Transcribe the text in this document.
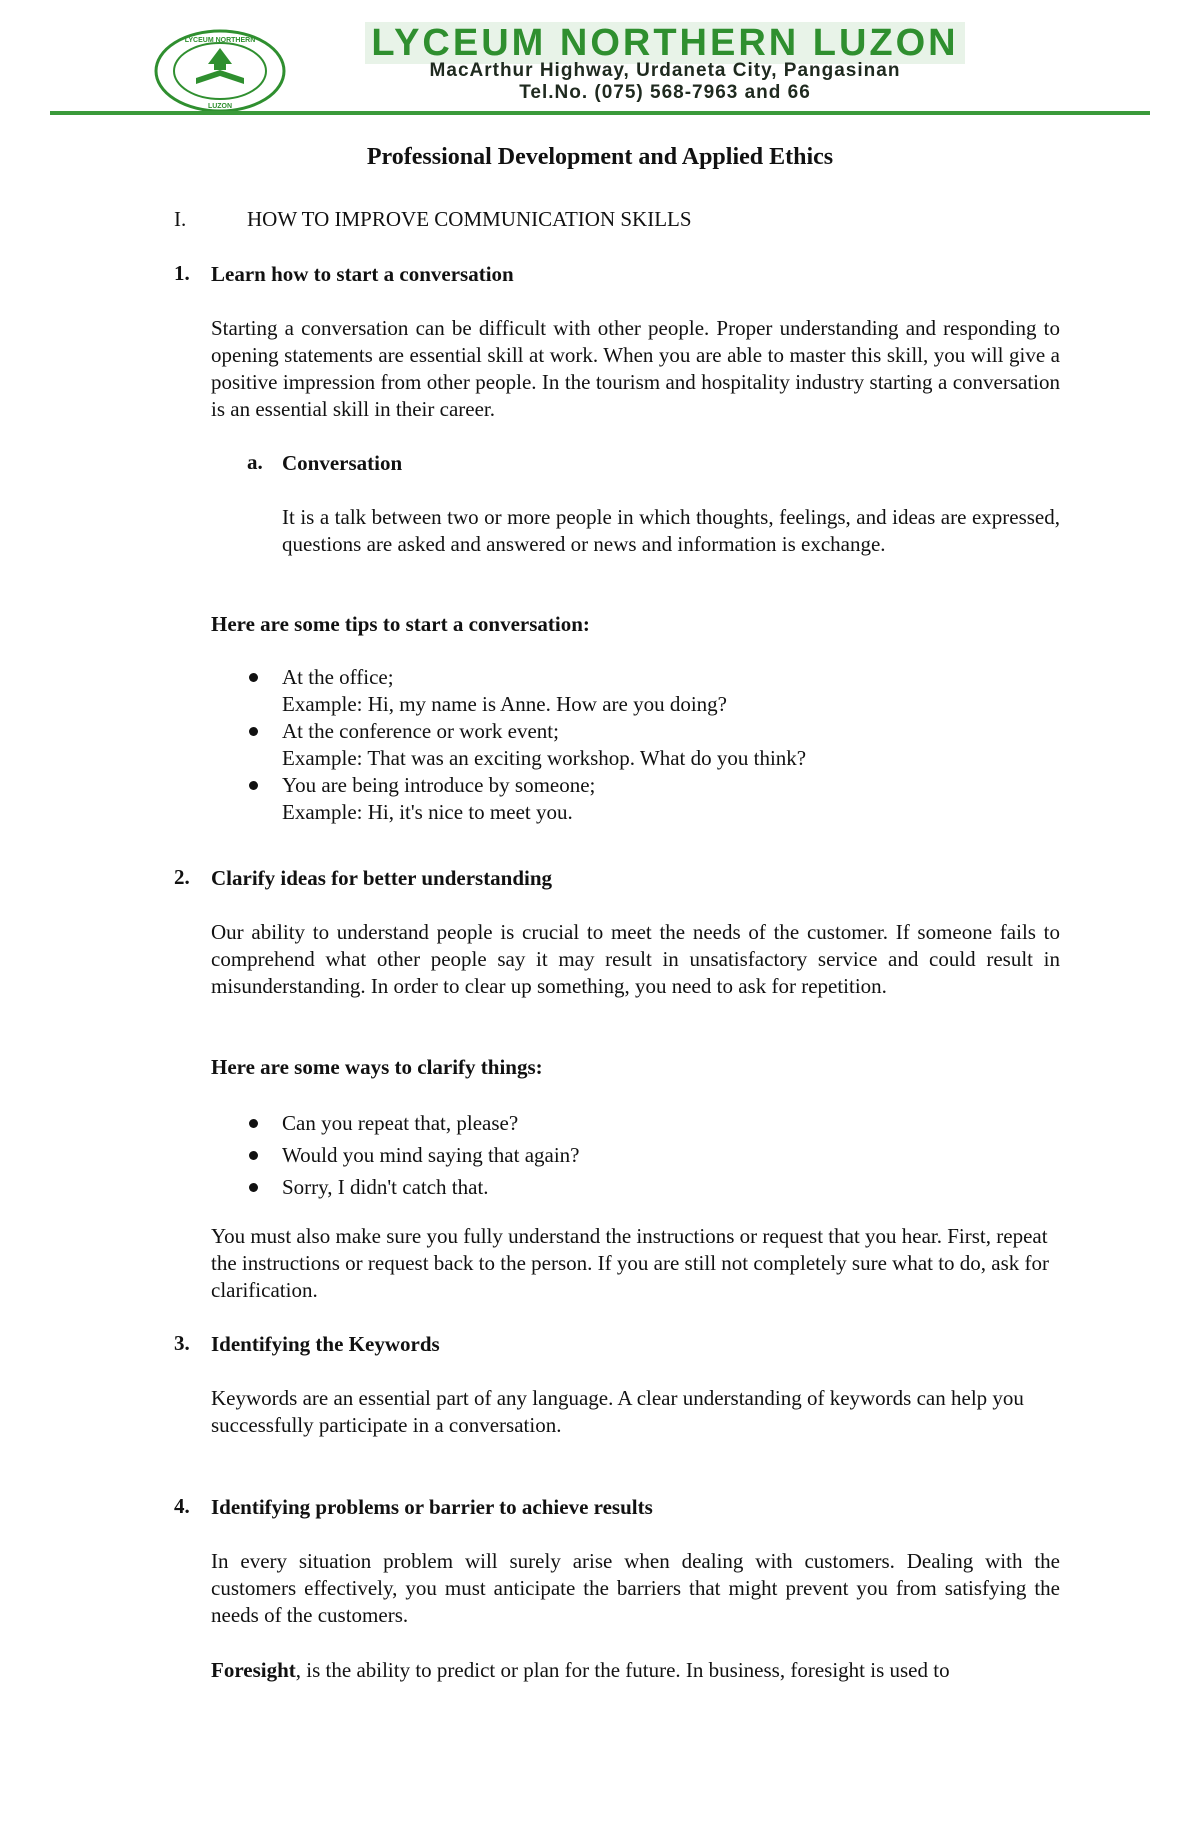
LYCEUM NORTHERN
LUZON
LYCEUM NORTHERN LUZON
MacArthur Highway, Urdaneta City, Pangasinan
Tel.No. (075) 568-7963 and 66
Professional Development and Applied Ethics
I.	HOW TO IMPROVE COMMUNICATION SKILLS
1. Learn how to start a conversation
Starting a conversation can be difficult with other people. Proper understanding and responding to opening statements are essential skill at work. When you are able to master this skill, you will give a positive impression from other people. In the tourism and hospitality industry starting a conversation is an essential skill in their career.
a. Conversation
It is a talk between two or more people in which thoughts, feelings, and ideas are expressed, questions are asked and answered or news and information is exchange.
Here are some tips to start a conversation:
At the office;
Example: Hi, my name is Anne. How are you doing?
At the conference or work event;
Example: That was an exciting workshop. What do you think?
You are being introduce by someone;
Example: Hi, it's nice to meet you.
2. Clarify ideas for better understanding
Our ability to understand people is crucial to meet the needs of the customer. If someone fails to comprehend what other people say it may result in unsatisfactory service and could result in misunderstanding. In order to clear up something, you need to ask for repetition.
Here are some ways to clarify things:
Can you repeat that, please?
Would you mind saying that again?
Sorry, I didn't catch that.
You must also make sure you fully understand the instructions or request that you hear. First, repeat the instructions or request back to the person. If you are still not completely sure what to do, ask for clarification.
3. Identifying the Keywords
Keywords are an essential part of any language. A clear understanding of keywords can help you successfully participate in a conversation.
4. Identifying problems or barrier to achieve results
In every situation problem will surely arise when dealing with customers. Dealing with the customers effectively, you must anticipate the barriers that might prevent you from satisfying the needs of the customers.
Foresight, is the ability to predict or plan for the future. In business, foresight is used to
